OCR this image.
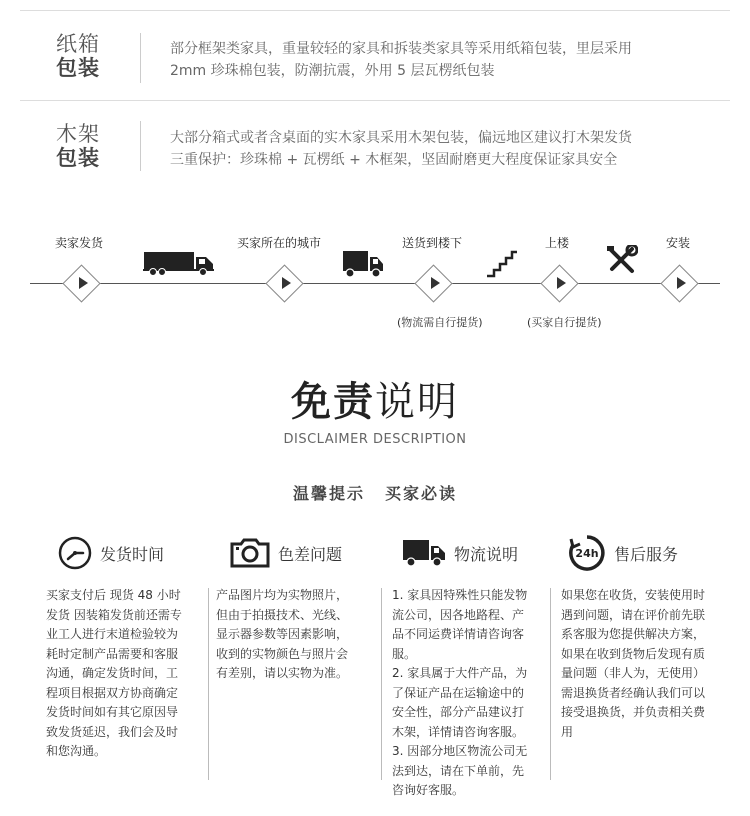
纸箱
包装
部分框架类家具，重量较轻的家具和拆装类家具等采用纸箱包装，里层采用
2mm 珍珠棉包装，防潮抗震，外用 5 层瓦楞纸包装
木架
包装
大部分箱式或者含桌面的实木家具采用木架包装，偏远地区建议打木架发货
三重保护：珍珠棉 + 瓦楞纸 + 木框架，坚固耐磨更大程度保证家具安全
卖家发货	买家所在的城市	送货到楼下	上楼	安装
(物流需自行提货)	(买家自行提货)
免责说明
DISCLAIMER DESCRIPTION
温馨提示 买家必读
发货时间

买家支付后 现货 48 小时发货 因装箱发货前还需专业工人进行末道检验较为耗时定制产品需要和客服沟通，确定发货时间，工程项目根据双方协商确定发货时间如有其它原因导致发货延迟，我们会及时和您沟通。

色差问题

产品图片均为实物照片，但由于拍摄技术、光线、显示器参数等因素影响，收到的实物颜色与照片会有差别，请以实物为准。

物流说明

1. 家具因特殊性只能发物流公司，因各地路程、产品不同运费详情请咨询客服。

2. 家具属于大件产品，为了保证产品在运输途中的安全性，部分产品建议打木架，详情请咨询客服。

3. 因部分地区物流公司无法到达，请在下单前，先咨询好客服。

24h 售后服务

如果您在收货，安装使用时遇到问题，请在评价前先联系客服为您提供解决方案，如果在收到货物后发现有质量问题（非人为，无使用）需退换货者经确认我们可以接受退换货，并负责相关费用
